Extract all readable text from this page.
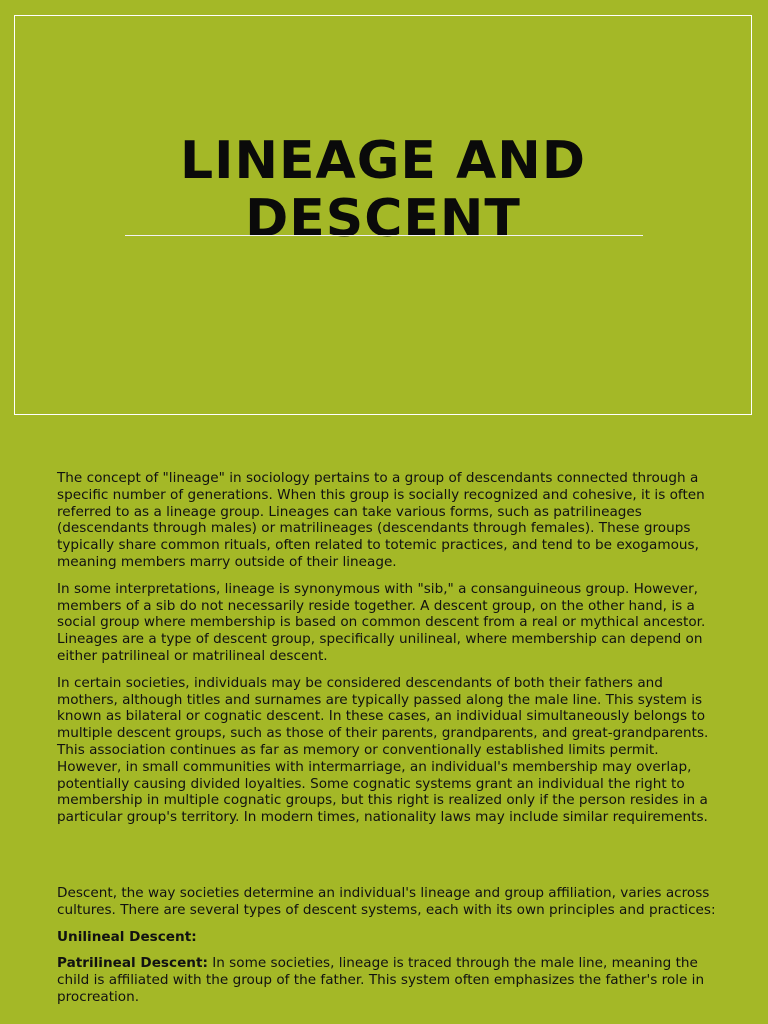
LINEAGE AND
DESCENT

The concept of "lineage" in sociology pertains to a group of descendants connected through a specific number of generations. When this group is socially recognized and cohesive, it is often referred to as a lineage group. Lineages can take various forms, such as patrilineages (descendants through males) or matrilineages (descendants through females). These groups typically share common rituals, often related to totemic practices, and tend to be exogamous, meaning members marry outside of their lineage.

In some interpretations, lineage is synonymous with "sib," a consanguineous group. However, members of a sib do not necessarily reside together. A descent group, on the other hand, is a social group where membership is based on common descent from a real or mythical ancestor. Lineages are a type of descent group, specifically unilineal, where membership can depend on either patrilineal or matrilineal descent.

In certain societies, individuals may be considered descendants of both their fathers and mothers, although titles and surnames are typically passed along the male line. This system is known as bilateral or cognatic descent. In these cases, an individual simultaneously belongs to multiple descent groups, such as those of their parents, grandparents, and great-grandparents. This association continues as far as memory or conventionally established limits permit. However, in small communities with intermarriage, an individual's membership may overlap, potentially causing divided loyalties. Some cognatic systems grant an individual the right to membership in multiple cognatic groups, but this right is realized only if the person resides in a particular group's territory. In modern times, nationality laws may include similar requirements.

Descent, the way societies determine an individual's lineage and group affiliation, varies across cultures. There are several types of descent systems, each with its own principles and practices:

Unilineal Descent:

Patrilineal Descent: In some societies, lineage is traced through the male line, meaning the child is affiliated with the group of the father. This system often emphasizes the father's role in procreation.
